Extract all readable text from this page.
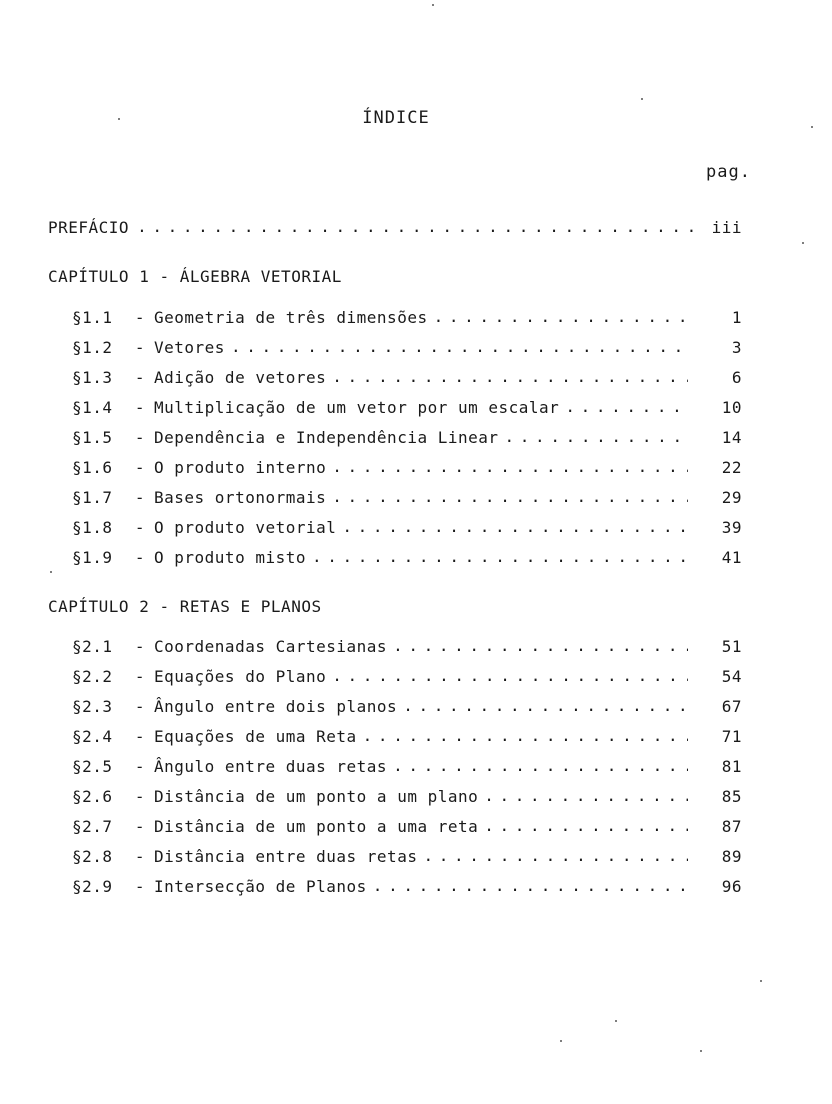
ÍNDICE
pag.
PREFÁCIO . . .	iii
CAPÍTULO 1 - ÁLGEBRA VETORIAL
§1.1	- Geometria de três dimensões . . .	1
§1.2	- Vetores . . .	3
§1.3	- Adição de vetores . . .	6
§1.4	- Multiplicação de um vetor por um escalar . . .	10
§1.5	- Dependência e Independência Linear . . .	14
§1.6	- O produto interno . . .	22
§1.7	- Bases ortonormais . . .	29
§1.8	- O produto vetorial . . .	39
§1.9	- O produto misto . . .	41
CAPÍTULO 2 - RETAS E PLANOS
§2.1	- Coordenadas Cartesianas . . .	51
§2.2	- Equações do Plano . . .	54
§2.3	- Ângulo entre dois planos . . .	67
§2.4	- Equações de uma Reta . . .	71
§2.5	- Ângulo entre duas retas . . .	81
§2.6	- Distância de um ponto a um plano . . .	85
§2.7	- Distância de um ponto a uma reta . . .	87
§2.8	- Distância entre duas retas . . .	89
§2.9	- Intersecção de Planos . . .	96
